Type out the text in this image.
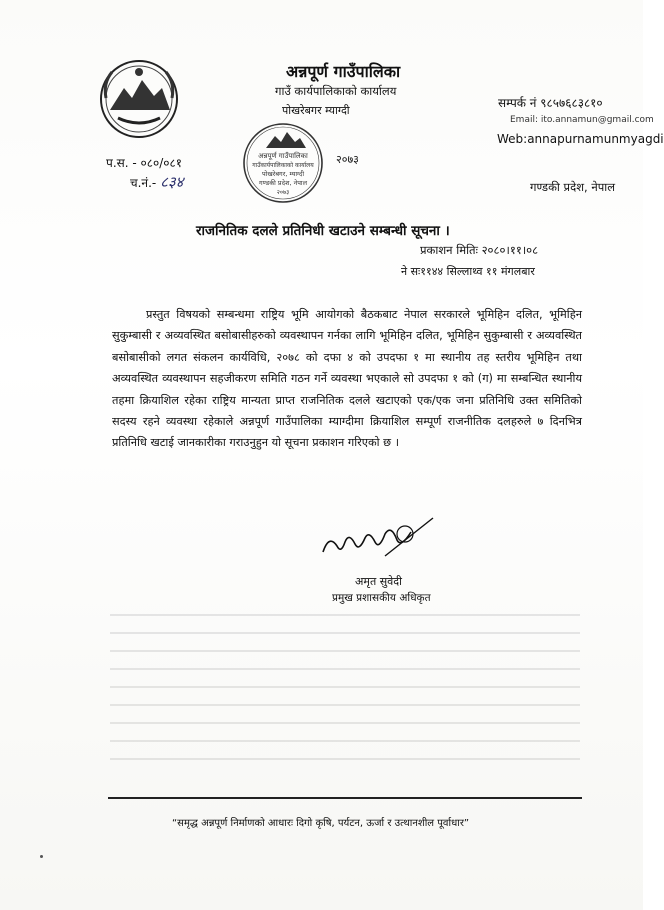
अन्नपूर्ण गाउँपालिका
गाउँ कार्यपालिकाको कार्यालय
पोखरेबगर म्याग्दी
सम्पर्क नं ९८५७६८३८१०
Email: ito.annamun@gmail.com
Web:annapurnamunmyagdi
गण्डकी प्रदेश, नेपाल
प.स. - ०८०/०८१
च.नं.- ८३४
अन्नपूर्ण गाउँपालिका
गाउँकार्यपालिकाको कार्यालय
पोखरेबगर, म्याग्दी
गण्डकी प्रदेश, नेपाल
२०७३
२०७३
राजनितिक दलले प्रतिनिधी खटाउने सम्बन्धी सूचना ।
प्रकाशन मितिः २०८०।११।०८
ने सः११४४ सिल्लाथ्व ११ मंगलबार
प्रस्तुत विषयको सम्बन्धमा राष्ट्रिय भूमि आयोगको बैठकबाट नेपाल सरकारले भूमिहिन दलित, भूमिहिन सुकुम्बासी र अव्यवस्थित बसोबासीहरुको व्यवस्थापन गर्नका लागि भूमिहिन दलित, भूमिहिन सुकुम्बासी र अव्यवस्थित बसोबासीको लगत संकलन कार्यविधि, २०७८ को दफा ४ को उपदफा १ मा स्थानीय तह स्तरीय भूमिहिन तथा अव्यवस्थित व्यवस्थापन सहजीकरण समिति गठन गर्ने व्यवस्था भएकाले सो उपदफा १ को (ग) मा सम्बन्धित स्थानीय तहमा क्रियाशिल रहेका राष्ट्रिय मान्यता प्राप्त राजनितिक दलले खटाएको एक/एक जना प्रतिनिधि उक्त समितिको सदस्य रहने व्यवस्था रहेकाले अन्नपूर्ण गाउँपालिका म्याग्दीमा क्रियाशिल सम्पूर्ण राजनीतिक दलहरुले ७ दिनभित्र प्रतिनिधि खटाई जानकारीका गराउनुहुन यो सूचना प्रकाशन गरिएको छ ।
अमृत सुवेदी
प्रमुख प्रशासकीय अधिकृत
“समृद्ध अन्नपूर्ण निर्माणको आधारः दिगो कृषि, पर्यटन, ऊर्जा र उत्थानशील पूर्वाधार”
